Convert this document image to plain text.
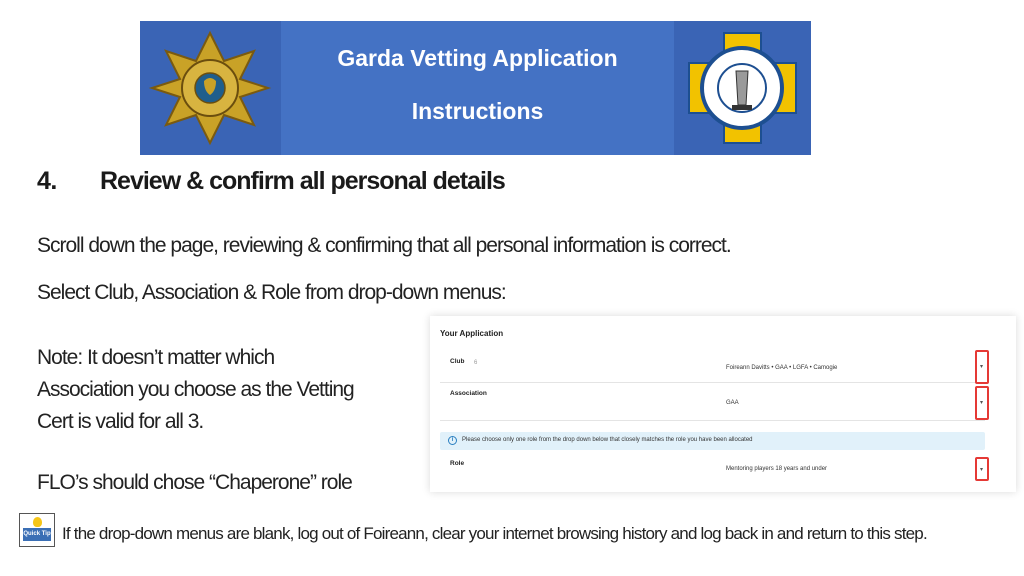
Garda Vetting Application
Instructions
4. Review & confirm all personal details
Scroll down the page, reviewing & confirming that all personal information is correct.
Select Club, Association & Role from drop-down menus:
Note: It doesn’t matter which Association you choose as the Vetting Cert is valid for all 3.
FLO’s should chose “Chaperone” role
Your Application
Club 6
Foireann Davitts • GAA • LGFA • Camogie	▾
Association
GAA	▾
i	Please choose only one role from the drop down below that closely matches the role you have been allocated
Role
Mentoring players 18 years and under	▾
Quick Tip If the drop-down menus are blank, log out of Foireann, clear your internet browsing history and log back in and return to this step.
